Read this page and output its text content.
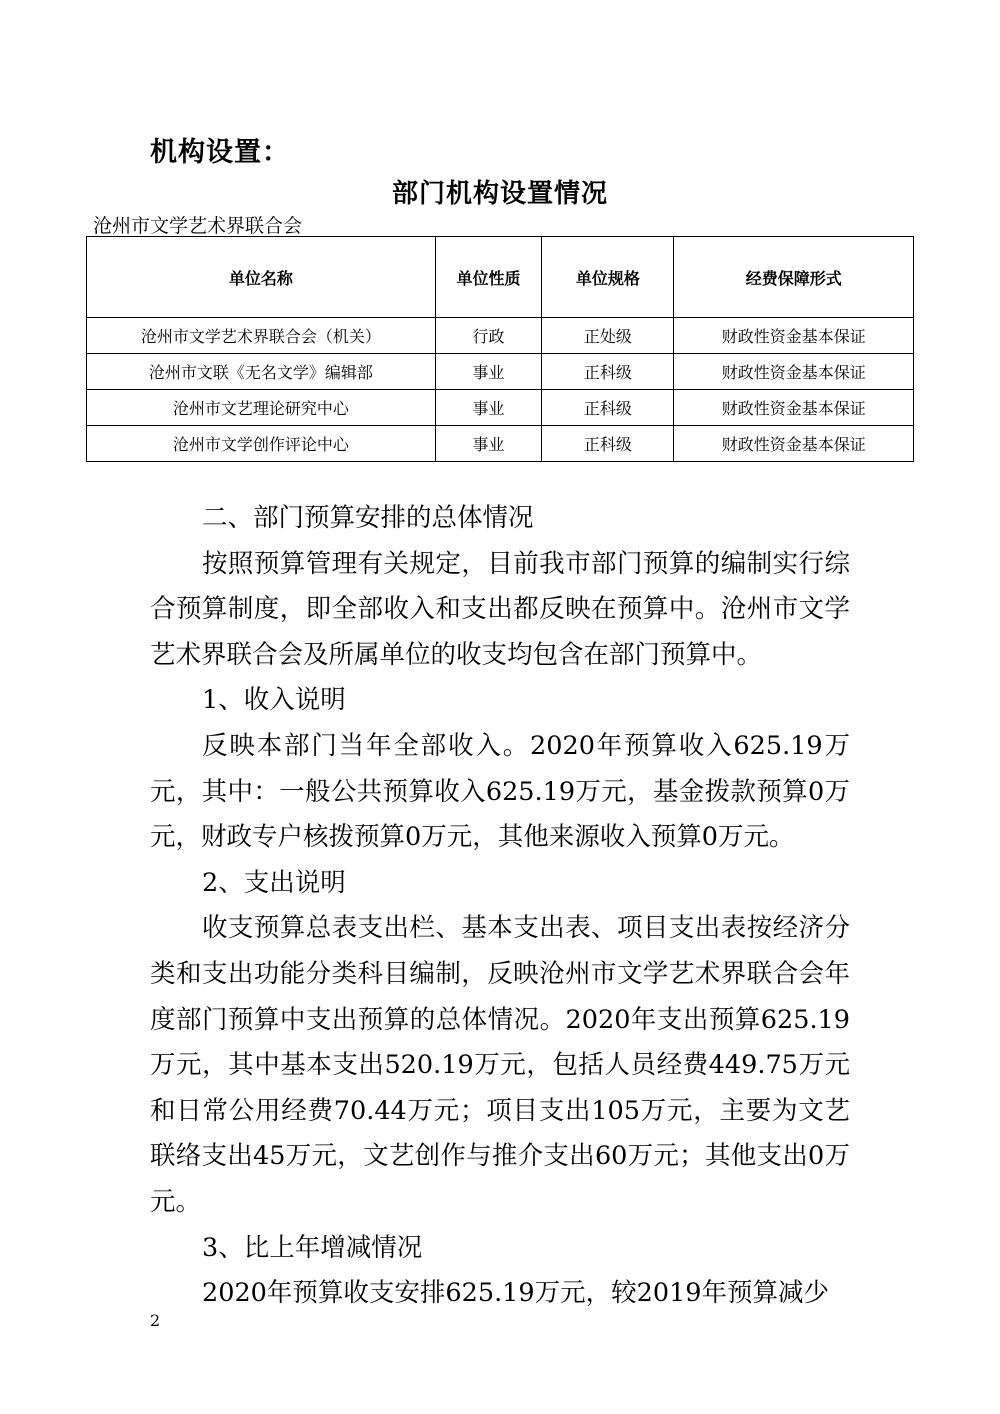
机构设置：
部门机构设置情况
沧州市文学艺术界联合会
单位名称	单位性质	单位规格	经费保障形式
沧州市文学艺术界联合会（机关）	行政	正处级	财政性资金基本保证
沧州市文联《无名文学》编辑部	事业	正科级	财政性资金基本保证
沧州市文艺理论研究中心	事业	正科级	财政性资金基本保证
沧州市文学创作评论中心	事业	正科级	财政性资金基本保证

二、部门预算安排的总体情况

按照预算管理有关规定，目前我市部门预算的编制实行综合预算制度，即全部收入和支出都反映在预算中。沧州市文学艺术界联合会及所属单位的收支均包含在部门预算中。

1、收入说明

反映本部门当年全部收入。2020年预算收入625.19万元，其中：一般公共预算收入625.19万元，基金拨款预算0万元，财政专户核拨预算0万元，其他来源收入预算0万元。

2、支出说明

收支预算总表支出栏、基本支出表、项目支出表按经济分类和支出功能分类科目编制，反映沧州市文学艺术界联合会年度部门预算中支出预算的总体情况。2020年支出预算625.19万元，其中基本支出520.19万元，包括人员经费449.75万元和日常公用经费70.44万元；项目支出105万元，主要为文艺联络支出45万元，文艺创作与推介支出60万元；其他支出0万元。

3、比上年增减情况

2020年预算收支安排625.19万元，较2019年预算减少

2
